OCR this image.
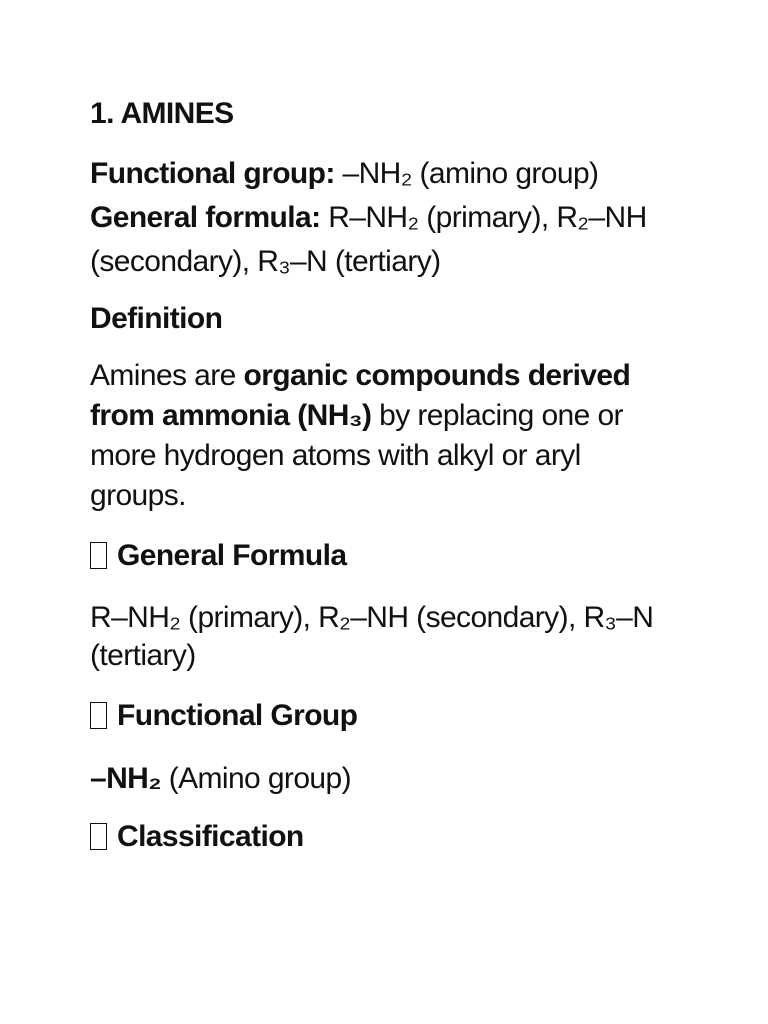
1. AMINES
Functional group: –NH₂ (amino group)
General formula: R–NH₂ (primary), R₂–NH (secondary), R₃–N (tertiary)
Definition
Amines are organic compounds derived from ammonia (NH₃) by replacing one or more hydrogen atoms with alkyl or aryl groups.
General Formula
R–NH₂ (primary), R₂–NH (secondary), R₃–N (tertiary)
Functional Group
–NH₂ (Amino group)
Classification
